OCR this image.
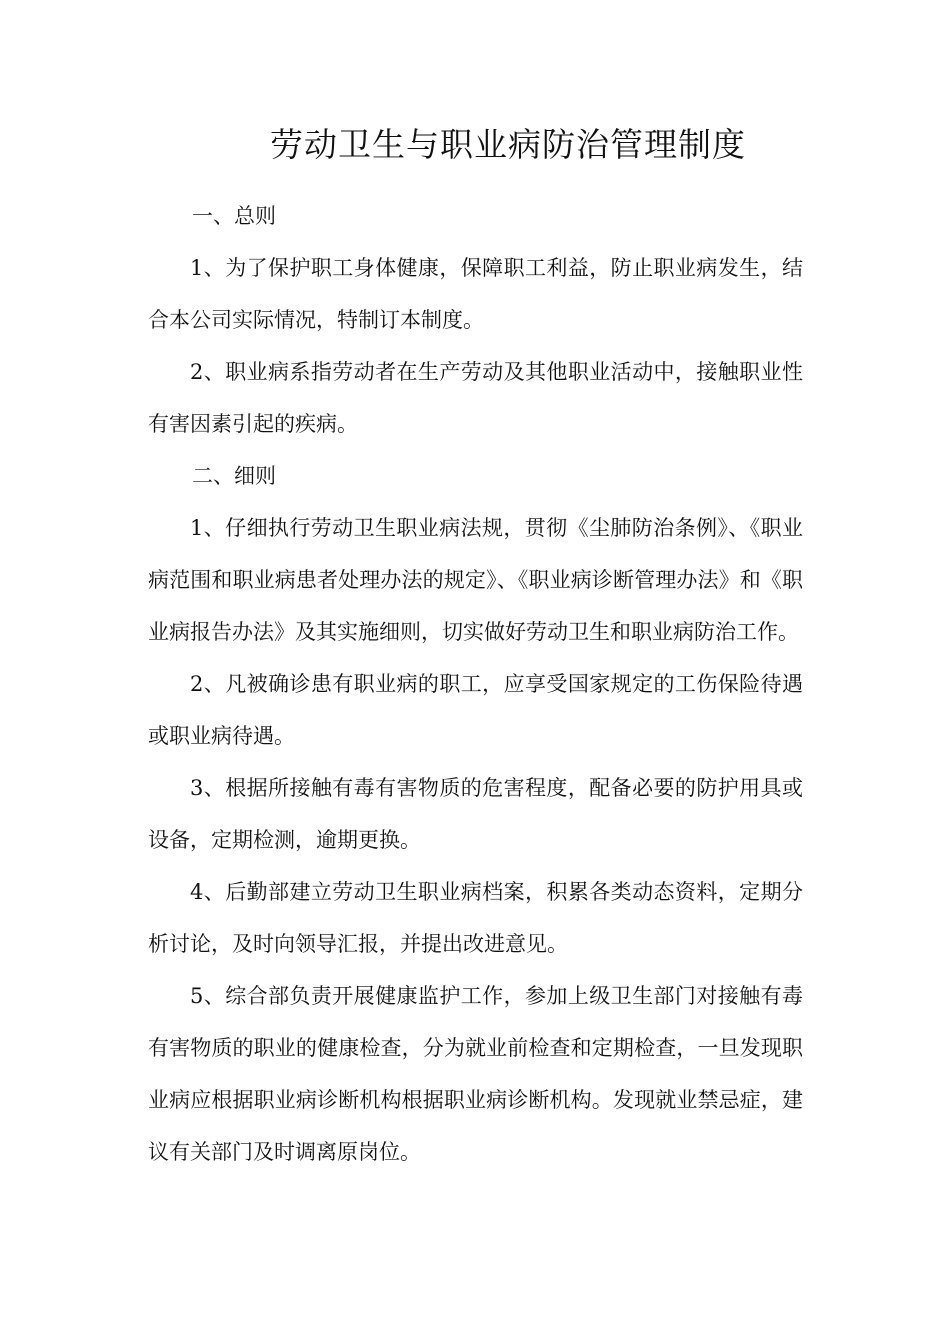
劳动卫生与职业病防治管理制度

一、总则

1、为了保护职工身体健康，保障职工利益，防止职业病发生，结合本公司实际情况，特制订本制度。

2、职业病系指劳动者在生产劳动及其他职业活动中，接触职业性有害因素引起的疾病。

二、细则

1、仔细执行劳动卫生职业病法规，贯彻《尘肺防治条例》、《职业病范围和职业病患者处理办法的规定》、《职业病诊断管理办法》和《职业病报告办法》及其实施细则，切实做好劳动卫生和职业病防治工作。

2、凡被确诊患有职业病的职工，应享受国家规定的工伤保险待遇或职业病待遇。

3、根据所接触有毒有害物质的危害程度，配备必要的防护用具或设备，定期检测，逾期更换。

4、后勤部建立劳动卫生职业病档案，积累各类动态资料，定期分析讨论，及时向领导汇报，并提出改进意见。

5、综合部负责开展健康监护工作，参加上级卫生部门对接触有毒有害物质的职业的健康检查，分为就业前检查和定期检查，一旦发现职业病应根据职业病诊断机构根据职业病诊断机构。发现就业禁忌症，建议有关部门及时调离原岗位。
